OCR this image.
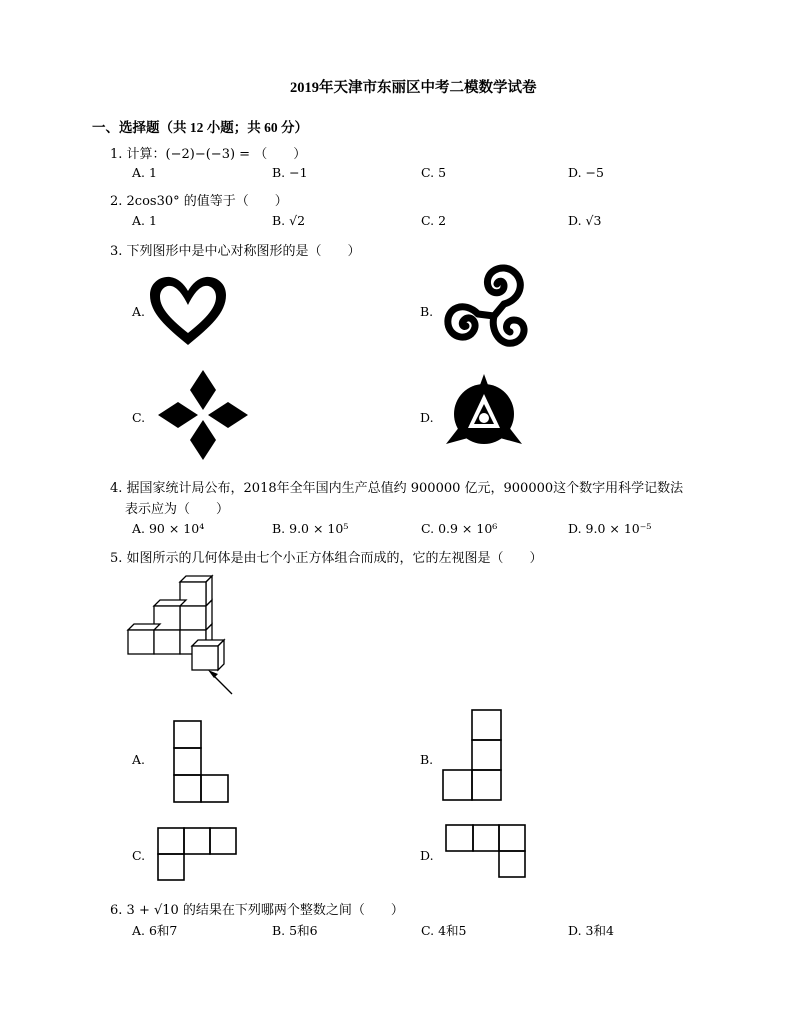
2019年天津市东丽区中考二模数学试卷
一、选择题（共 12 小题；共 60 分）
1. 计算：(−2)−(−3) = （　　）
A. 1	B. −1	C. 5	D. −5
2. 2cos30° 的值等于（　　）
A. 1	B. √2	C. 2	D. √3
3. 下列图形中是中心对称图形的是（　　）
A.	B.
C.	D.
4. 据国家统计局公布，2018年全年国内生产总值约 900000 亿元，900000这个数字用科学记数法
表示应为（　　）
A. 90 × 10⁴	B. 9.0 × 10⁵	C. 0.9 × 10⁶	D. 9.0 × 10⁻⁵
5. 如图所示的几何体是由七个小正方体组合而成的，它的左视图是（　　）
A.	B.
C.	D.
6. 3 + √10 的结果在下列哪两个整数之间（　　）
A. 6和7	B. 5和6	C. 4和5	D. 3和4
